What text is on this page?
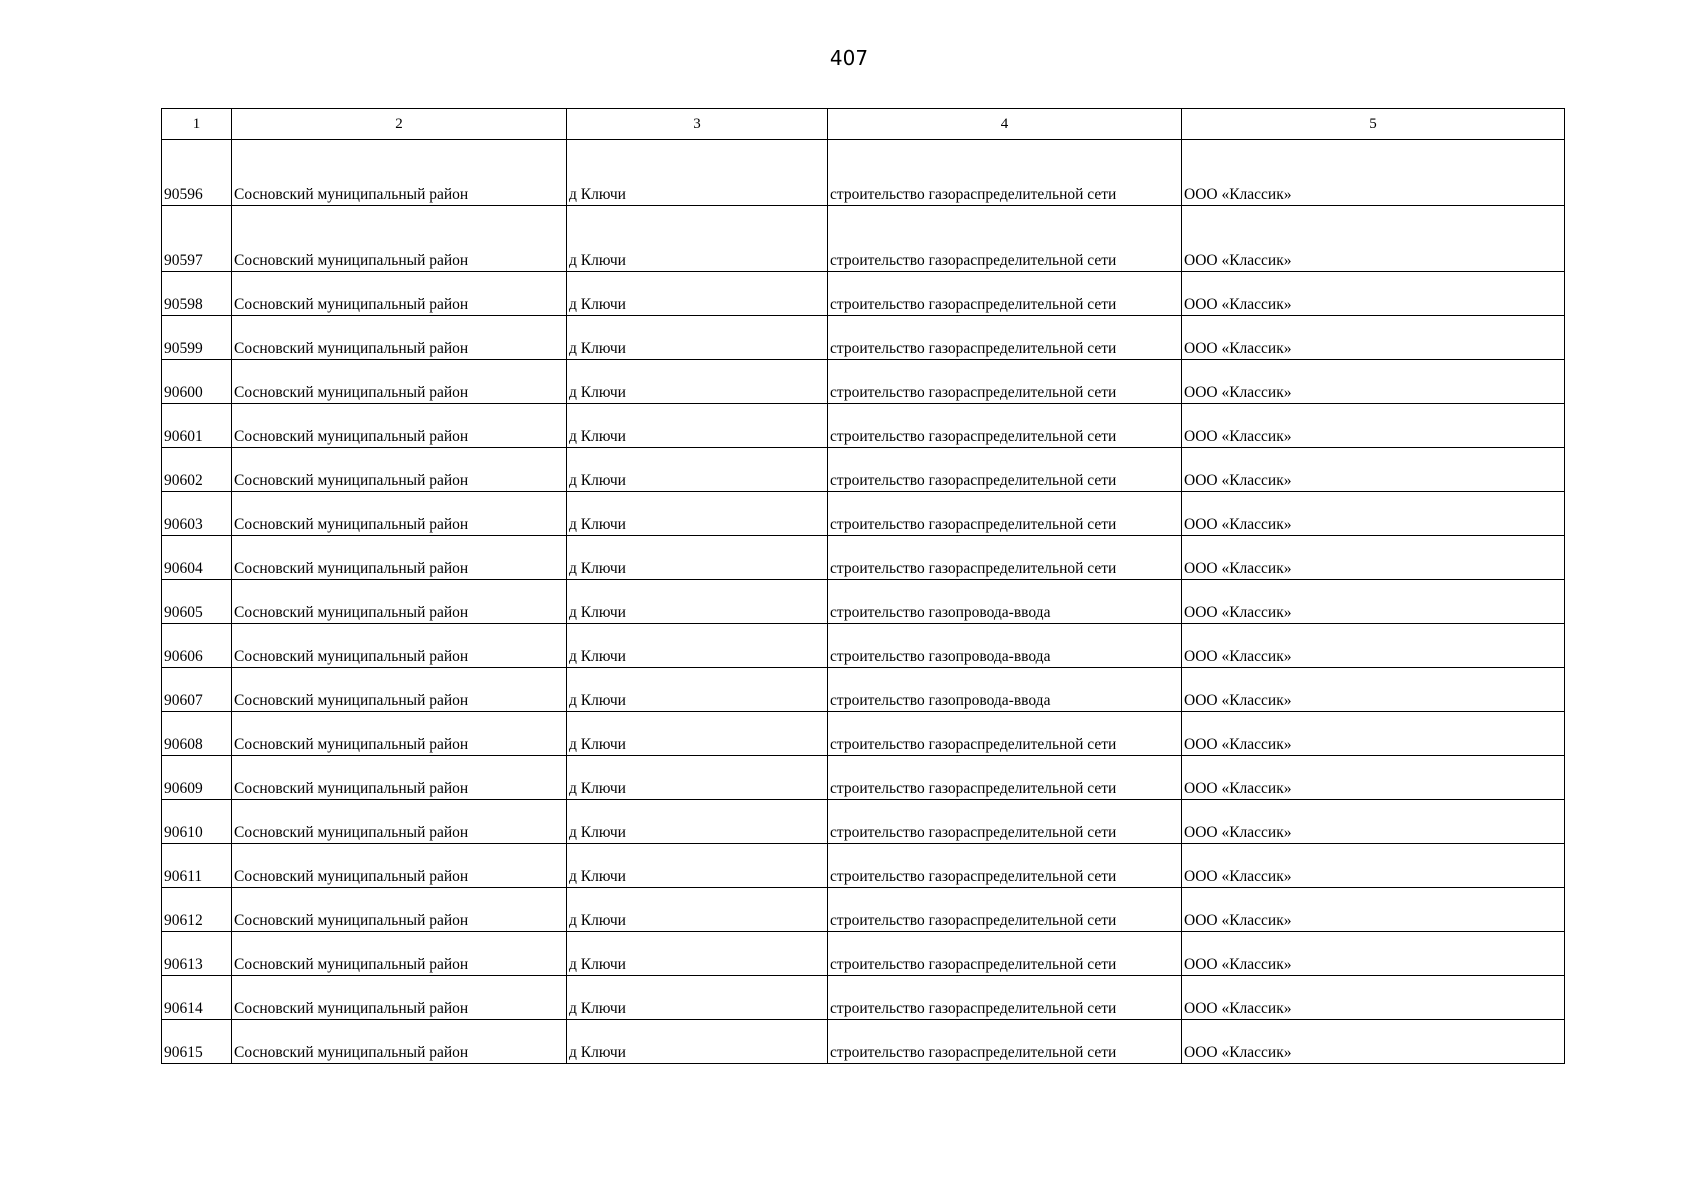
407
1	2	3	4	5
90596	Сосновский муниципальный район	д Ключи	строительство газораспределительной сети	ООО «Классик»
90597	Сосновский муниципальный район	д Ключи	строительство газораспределительной сети	ООО «Классик»
90598	Сосновский муниципальный район	д Ключи	строительство газораспределительной сети	ООО «Классик»
90599	Сосновский муниципальный район	д Ключи	строительство газораспределительной сети	ООО «Классик»
90600	Сосновский муниципальный район	д Ключи	строительство газораспределительной сети	ООО «Классик»
90601	Сосновский муниципальный район	д Ключи	строительство газораспределительной сети	ООО «Классик»
90602	Сосновский муниципальный район	д Ключи	строительство газораспределительной сети	ООО «Классик»
90603	Сосновский муниципальный район	д Ключи	строительство газораспределительной сети	ООО «Классик»
90604	Сосновский муниципальный район	д Ключи	строительство газораспределительной сети	ООО «Классик»
90605	Сосновский муниципальный район	д Ключи	строительство газопровода-ввода	ООО «Классик»
90606	Сосновский муниципальный район	д Ключи	строительство газопровода-ввода	ООО «Классик»
90607	Сосновский муниципальный район	д Ключи	строительство газопровода-ввода	ООО «Классик»
90608	Сосновский муниципальный район	д Ключи	строительство газораспределительной сети	ООО «Классик»
90609	Сосновский муниципальный район	д Ключи	строительство газораспределительной сети	ООО «Классик»
90610	Сосновский муниципальный район	д Ключи	строительство газораспределительной сети	ООО «Классик»
90611	Сосновский муниципальный район	д Ключи	строительство газораспределительной сети	ООО «Классик»
90612	Сосновский муниципальный район	д Ключи	строительство газораспределительной сети	ООО «Классик»
90613	Сосновский муниципальный район	д Ключи	строительство газораспределительной сети	ООО «Классик»
90614	Сосновский муниципальный район	д Ключи	строительство газораспределительной сети	ООО «Классик»
90615	Сосновский муниципальный район	д Ключи	строительство газораспределительной сети	ООО «Классик»
